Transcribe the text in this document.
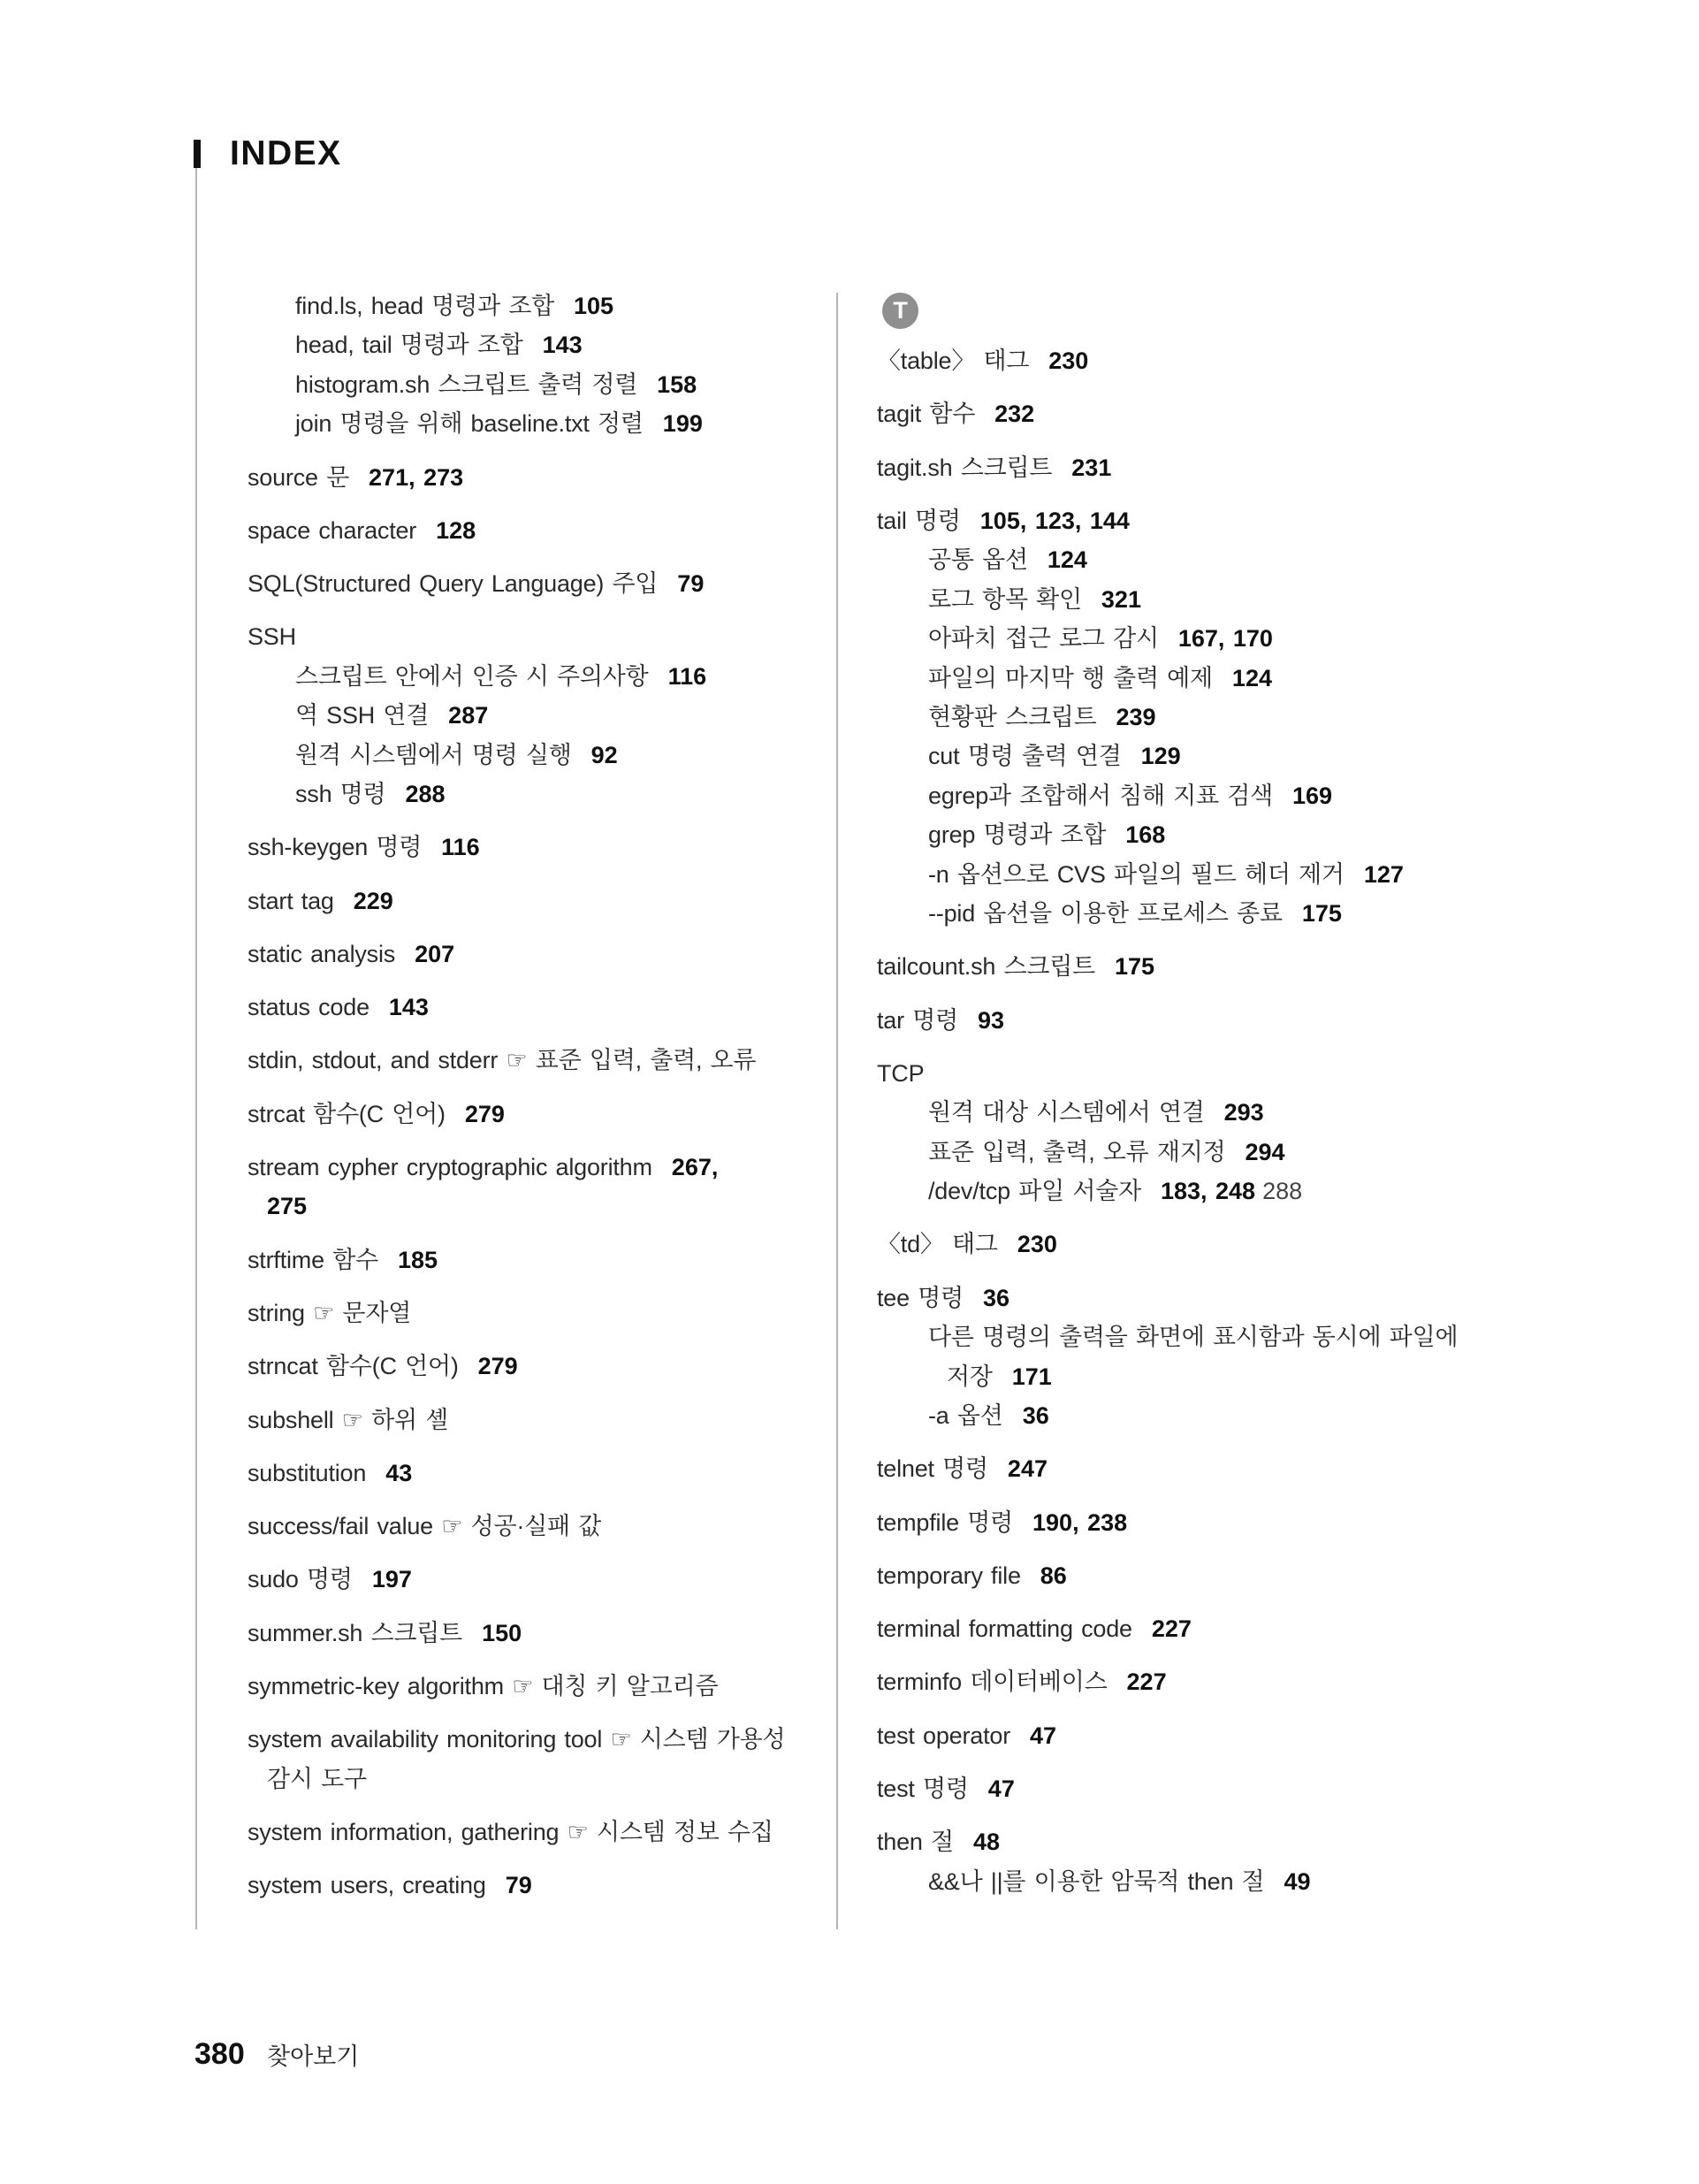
INDEX
find.ls, head 명령과 조합 105
head, tail 명령과 조합 143
histogram.sh 스크립트 출력 정렬 158
join 명령을 위해 baseline.txt 정렬 199
source 문 271, 273
space character 128
SQL(Structured Query Language) 주입 79
SSH
스크립트 안에서 인증 시 주의사항 116
역 SSH 연결 287
원격 시스템에서 명령 실행 92
ssh 명령 288
ssh-keygen 명령 116
start tag 229
static analysis 207
status code 143
stdin, stdout, and stderr ☞ 표준 입력, 출력, 오류
strcat 함수(C 언어) 279
stream cypher cryptographic algorithm 267,
275
strftime 함수 185
string ☞ 문자열
strncat 함수(C 언어) 279
subshell ☞ 하위 셸
substitution 43
success/fail value ☞ 성공·실패 값
sudo 명령 197
summer.sh 스크립트 150
symmetric-key algorithm ☞ 대칭 키 알고리즘
system availability monitoring tool ☞ 시스템 가용성
감시 도구
system information, gathering ☞ 시스템 정보 수집
system users, creating 79
T
〈table〉 태그 230
tagit 함수 232
tagit.sh 스크립트 231
tail 명령 105, 123, 144
공통 옵션 124
로그 항목 확인 321
아파치 접근 로그 감시 167, 170
파일의 마지막 행 출력 예제 124
현황판 스크립트 239
cut 명령 출력 연결 129
egrep과 조합해서 침해 지표 검색 169
grep 명령과 조합 168
-n 옵션으로 CVS 파일의 필드 헤더 제거 127
--pid 옵션을 이용한 프로세스 종료 175
tailcount.sh 스크립트 175
tar 명령 93
TCP
원격 대상 시스템에서 연결 293
표준 입력, 출력, 오류 재지정 294
/dev/tcp 파일 서술자 183, 248 288
〈td〉 태그 230
tee 명령 36
다른 명령의 출력을 화면에 표시함과 동시에 파일에
저장 171
-a 옵션 36
telnet 명령 247
tempfile 명령 190, 238
temporary file 86
terminal formatting code 227
terminfo 데이터베이스 227
test operator 47
test 명령 47
then 절 48
&&나 ||를 이용한 암묵적 then 절 49
380 찾아보기
